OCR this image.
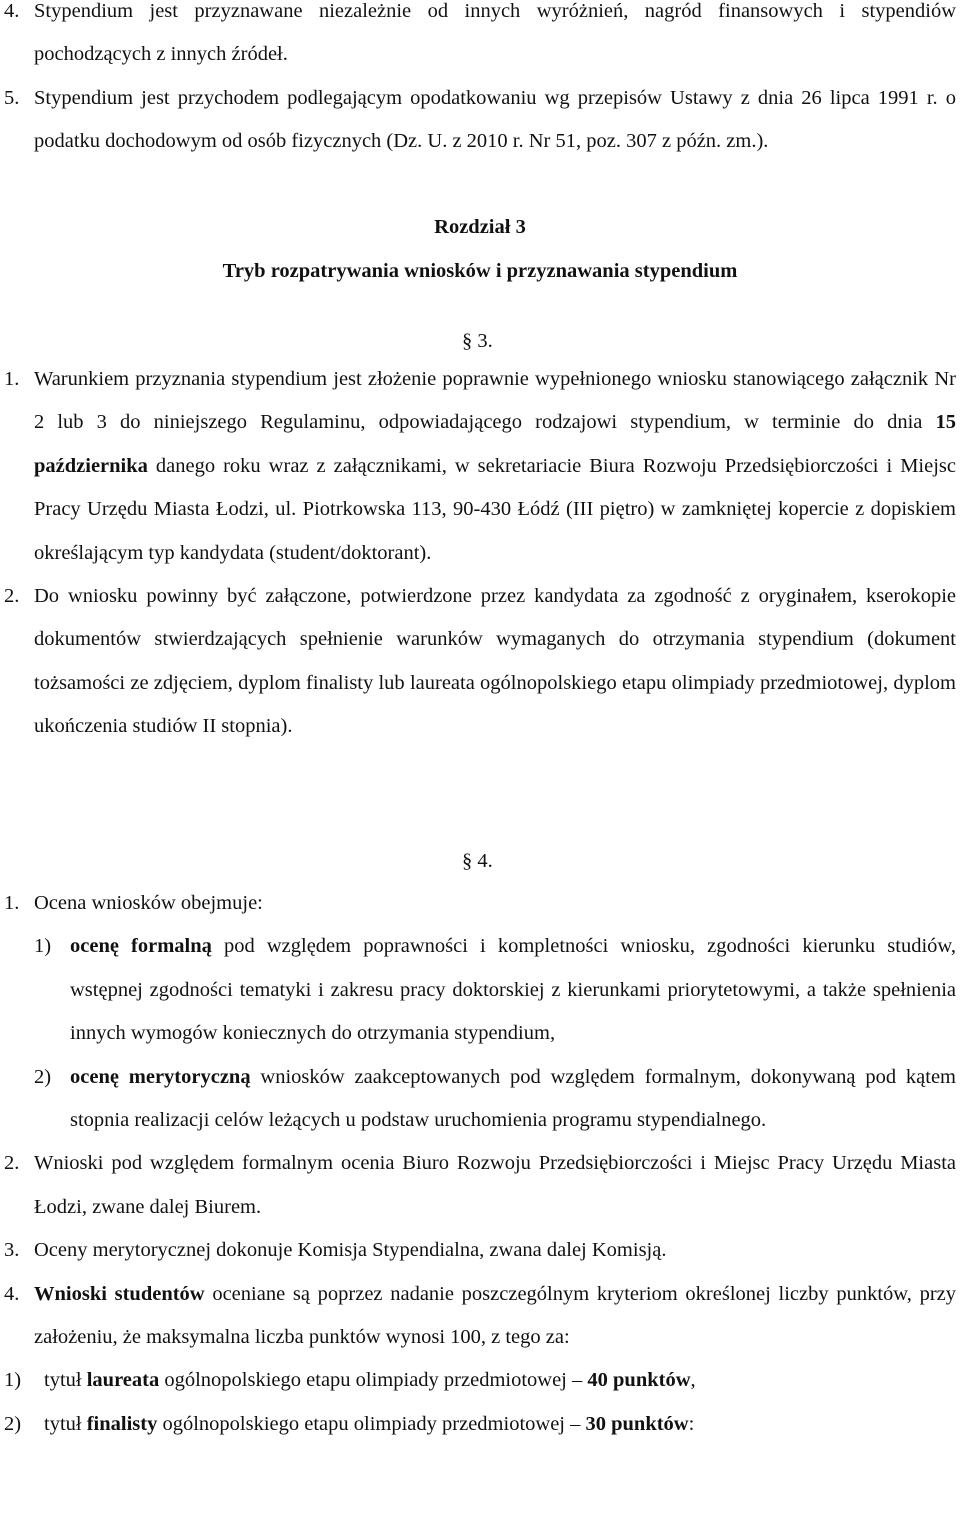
4. Stypendium jest przyznawane niezależnie od innych wyróżnień, nagród finansowych i stypendiów pochodzących z innych źródeł.
5. Stypendium jest przychodem podlegającym opodatkowaniu wg przepisów Ustawy z dnia 26 lipca 1991 r. o podatku dochodowym od osób fizycznych (Dz. U. z 2010 r. Nr 51, poz. 307 z późn. zm.).
Rozdział 3
Tryb rozpatrywania wniosków i przyznawania stypendium
§ 3.
1. Warunkiem przyznania stypendium jest złożenie poprawnie wypełnionego wniosku stanowiącego załącznik Nr 2 lub 3 do niniejszego Regulaminu, odpowiadającego rodzajowi stypendium, w terminie do dnia 15 października danego roku wraz z załącznikami, w sekretariacie Biura Rozwoju Przedsiębiorczości i Miejsc Pracy Urzędu Miasta Łodzi, ul. Piotrkowska 113, 90-430 Łódź (III piętro) w zamkniętej kopercie z dopiskiem określającym typ kandydata (student/doktorant).
2. Do wniosku powinny być załączone, potwierdzone przez kandydata za zgodność z oryginałem, kserokopie dokumentów stwierdzających spełnienie warunków wymaganych do otrzymania stypendium (dokument tożsamości ze zdjęciem, dyplom finalisty lub laureata ogólnopolskiego etapu olimpiady przedmiotowej, dyplom ukończenia studiów II stopnia).
§ 4.
1. Ocena wniosków obejmuje:
1) ocenę formalną pod względem poprawności i kompletności wniosku, zgodności kierunku studiów, wstępnej zgodności tematyki i zakresu pracy doktorskiej z kierunkami priorytetowymi, a także spełnienia innych wymogów koniecznych do otrzymania stypendium,
2) ocenę merytoryczną wniosków zaakceptowanych pod względem formalnym, dokonywaną pod kątem stopnia realizacji celów leżących u podstaw uruchomienia programu stypendialnego.
2. Wnioski pod względem formalnym ocenia Biuro Rozwoju Przedsiębiorczości i Miejsc Pracy Urzędu Miasta Łodzi, zwane dalej Biurem.
3. Oceny merytorycznej dokonuje Komisja Stypendialna, zwana dalej Komisją.
4. Wnioski studentów oceniane są poprzez nadanie poszczególnym kryteriom określonej liczby punktów, przy założeniu, że maksymalna liczba punktów wynosi 100, z tego za:
1) tytuł laureata ogólnopolskiego etapu olimpiady przedmiotowej – 40 punktów,
2) tytuł finalisty ogólnopolskiego etapu olimpiady przedmiotowej – 30 punktów:
